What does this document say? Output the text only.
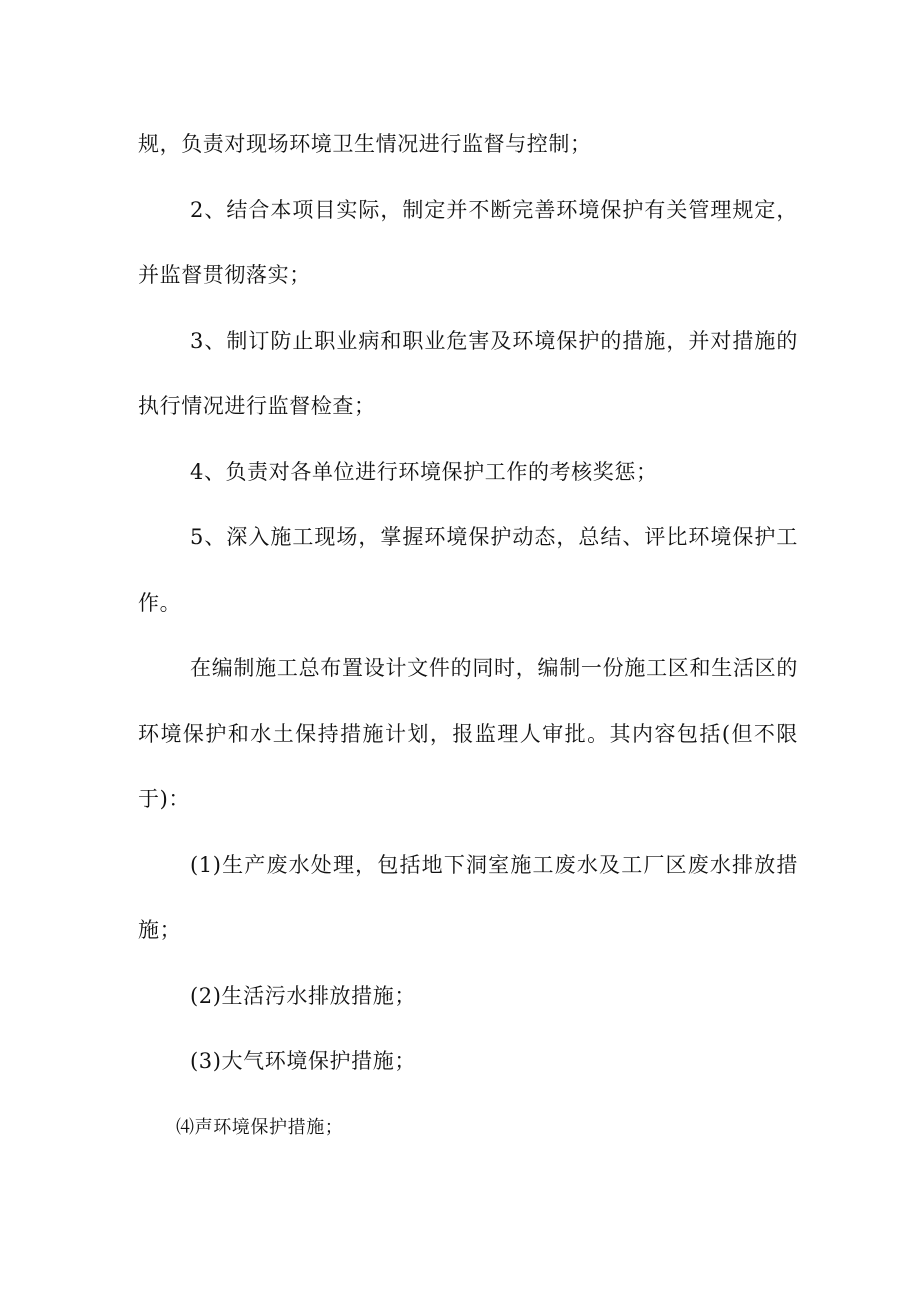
规，负责对现场环境卫生情况进行监督与控制；

2、结合本项目实际，制定并不断完善环境保护有关管理规定，并监督贯彻落实；

3、制订防止职业病和职业危害及环境保护的措施，并对措施的执行情况进行监督检查；

4、负责对各单位进行环境保护工作的考核奖惩；

5、深入施工现场，掌握环境保护动态，总结、评比环境保护工作。

在编制施工总布置设计文件的同时，编制一份施工区和生活区的环境保护和水土保持措施计划，报监理人审批。其内容包括(但不限于)：

(1)生产废水处理，包括地下洞室施工废水及工厂区废水排放措施；

(2)生活污水排放措施；

(3)大气环境保护措施；

⑷声环境保护措施；
